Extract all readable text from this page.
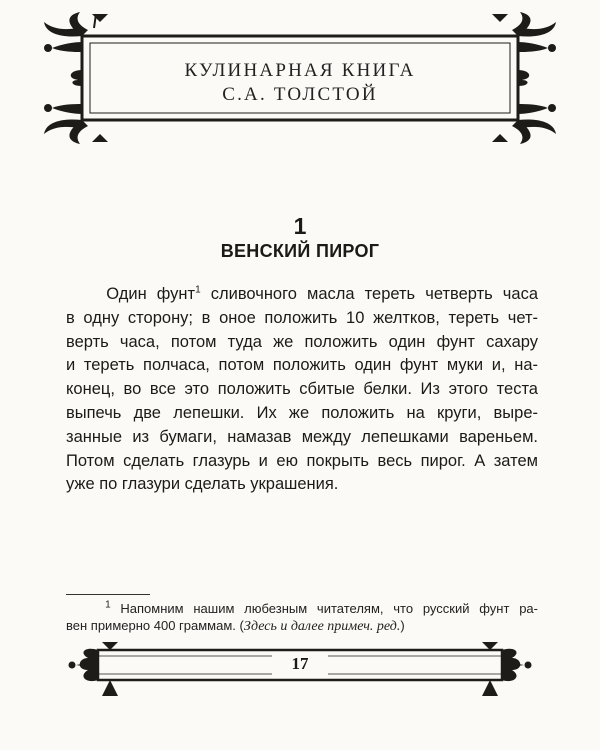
КУЛИНАРНАЯ КНИГА
С.А. ТОЛСТОЙ
1
ВЕНСКИЙ ПИРОГ
Один фунт$^1$ сливочного масла тереть четверть часа
в одну сторону; в оное положить 10 желтков, тереть чет-
верть часа, потом туда же положить один фунт сахару
и тереть полчаса, потом положить один фунт муки и, на-
конец, во все это положить сбитые белки. Из этого теста
выпечь две лепешки. Их же положить на круги, выре-
занные из бумаги, намазав между лепешками вареньем.
Потом сделать глазурь и ею покрыть весь пирог. А затем
уже по глазури сделать украшения.
$^1$ Напомним нашим любезным читателям, что русский фунт ра-
вен примерно 400 граммам. (Здесь и далее примеч. ред.)
17
